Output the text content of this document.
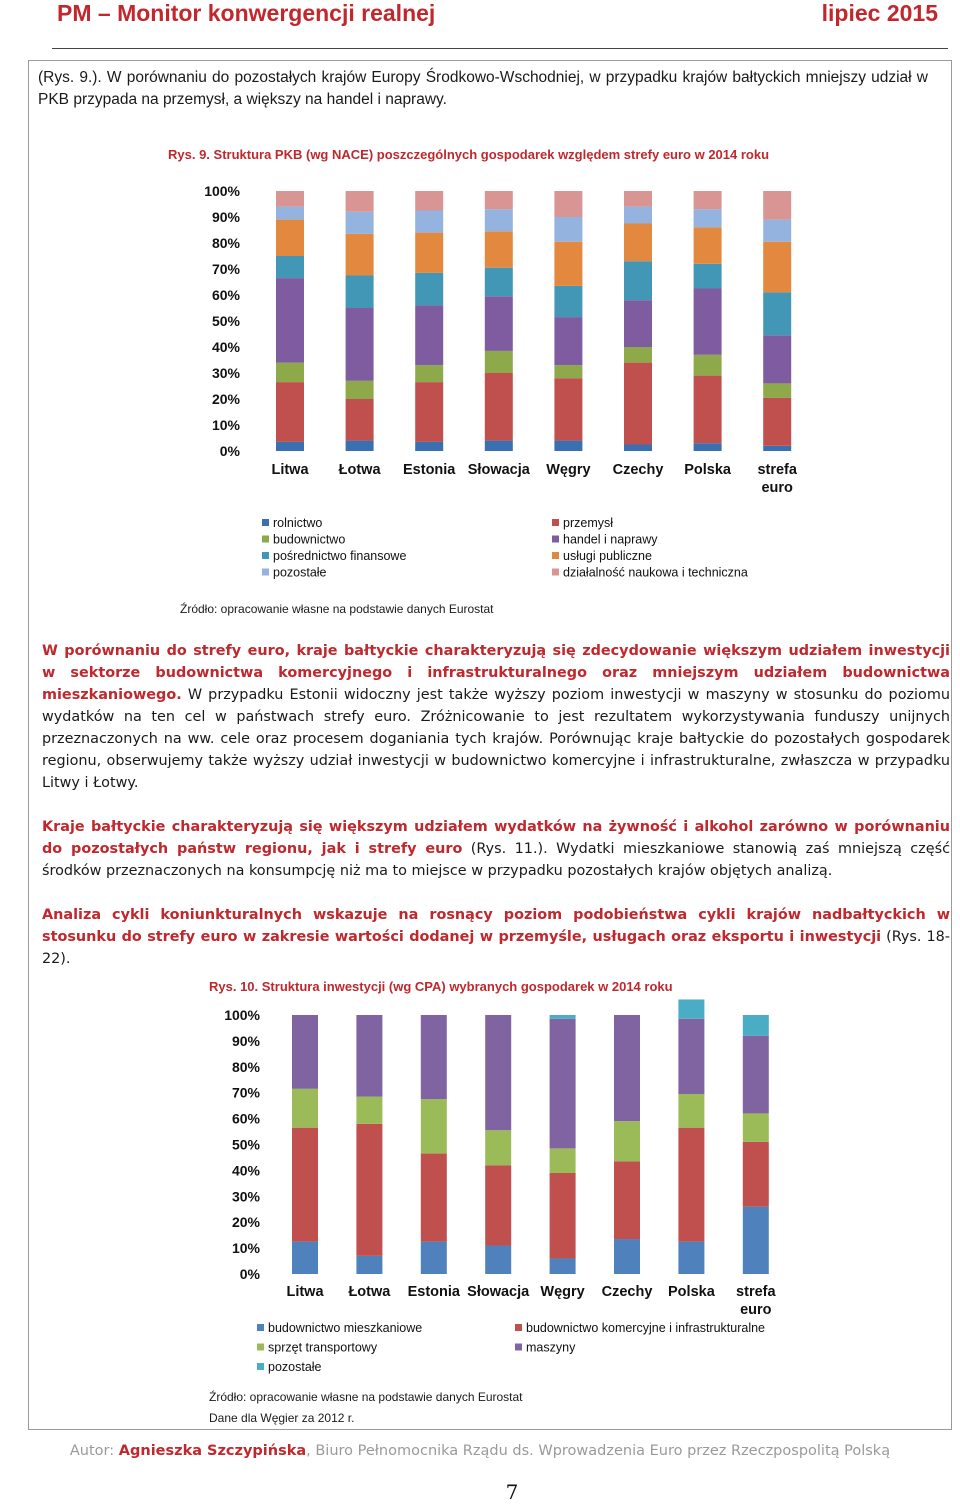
PM – Monitor konwergencji realnej	lipiec 2015
(Rys. 9.). W porównaniu do pozostałych krajów Europy Środkowo-Wschodniej, w przypadku krajów bałtyckich mniejszy udział w PKB przypada na przemysł, a większy na handel i naprawy.
Rys. 9. Struktura PKB (wg NACE) poszczególnych gospodarek względem strefy euro w 2014 roku
0%
10%
20%
30%
40%
50%
60%
70%
80%
90%
100%
Litwa Łotwa Estonia Słowacja Węgry Czechy Polska strefa
euro
rolnictwo	przemysł
budownictwo	handel i naprawy
pośrednictwo finansowe	usługi publiczne
pozostałe	działalność naukowa i techniczna
Źródło: opracowanie własne na podstawie danych Eurostat
W porównaniu do strefy euro, kraje bałtyckie charakteryzują się zdecydowanie większym udziałem inwestycji w sektorze budownictwa komercyjnego i infrastrukturalnego oraz mniejszym udziałem budownictwa mieszkaniowego. W przypadku Estonii widoczny jest także wyższy poziom inwestycji w maszyny w stosunku do poziomu wydatków na ten cel w państwach strefy euro. Zróżnicowanie to jest rezultatem wykorzystywania funduszy unijnych przeznaczonych na ww. cele oraz procesem doganiania tych krajów. Porównując kraje bałtyckie do pozostałych gospodarek regionu, obserwujemy także wyższy udział inwestycji w budownictwo komercyjne i infrastrukturalne, zwłaszcza w przypadku Litwy i Łotwy.
Kraje bałtyckie charakteryzują się większym udziałem wydatków na żywność i alkohol zarówno w porównaniu do pozostałych państw regionu, jak i strefy euro (Rys. 11.). Wydatki mieszkaniowe stanowią zaś mniejszą część środków przeznaczonych na konsumpcję niż ma to miejsce w przypadku pozostałych krajów objętych analizą.
Analiza cykli koniunkturalnych wskazuje na rosnący poziom podobieństwa cykli krajów nadbałtyckich w stosunku do strefy euro w zakresie wartości dodanej w przemyśle, usługach oraz eksportu i inwestycji (Rys. 18-22).
Rys. 10. Struktura inwestycji (wg CPA) wybranych gospodarek w 2014 roku
0%
10%
20%
30%
40%
50%
60%
70%
80%
90%
100%
Litwa Łotwa Estonia Słowacja Węgry Czechy Polska strefa
euro
budownictwo mieszkaniowe	budownictwo komercyjne i infrastrukturalne
sprzęt transportowy	maszyny
pozostałe
Źródło: opracowanie własne na podstawie danych Eurostat
Dane dla Węgier za 2012 r.
Autor: Agnieszka Szczypińska, Biuro Pełnomocnika Rządu ds. Wprowadzenia Euro przez Rzeczpospolitą Polską
7
